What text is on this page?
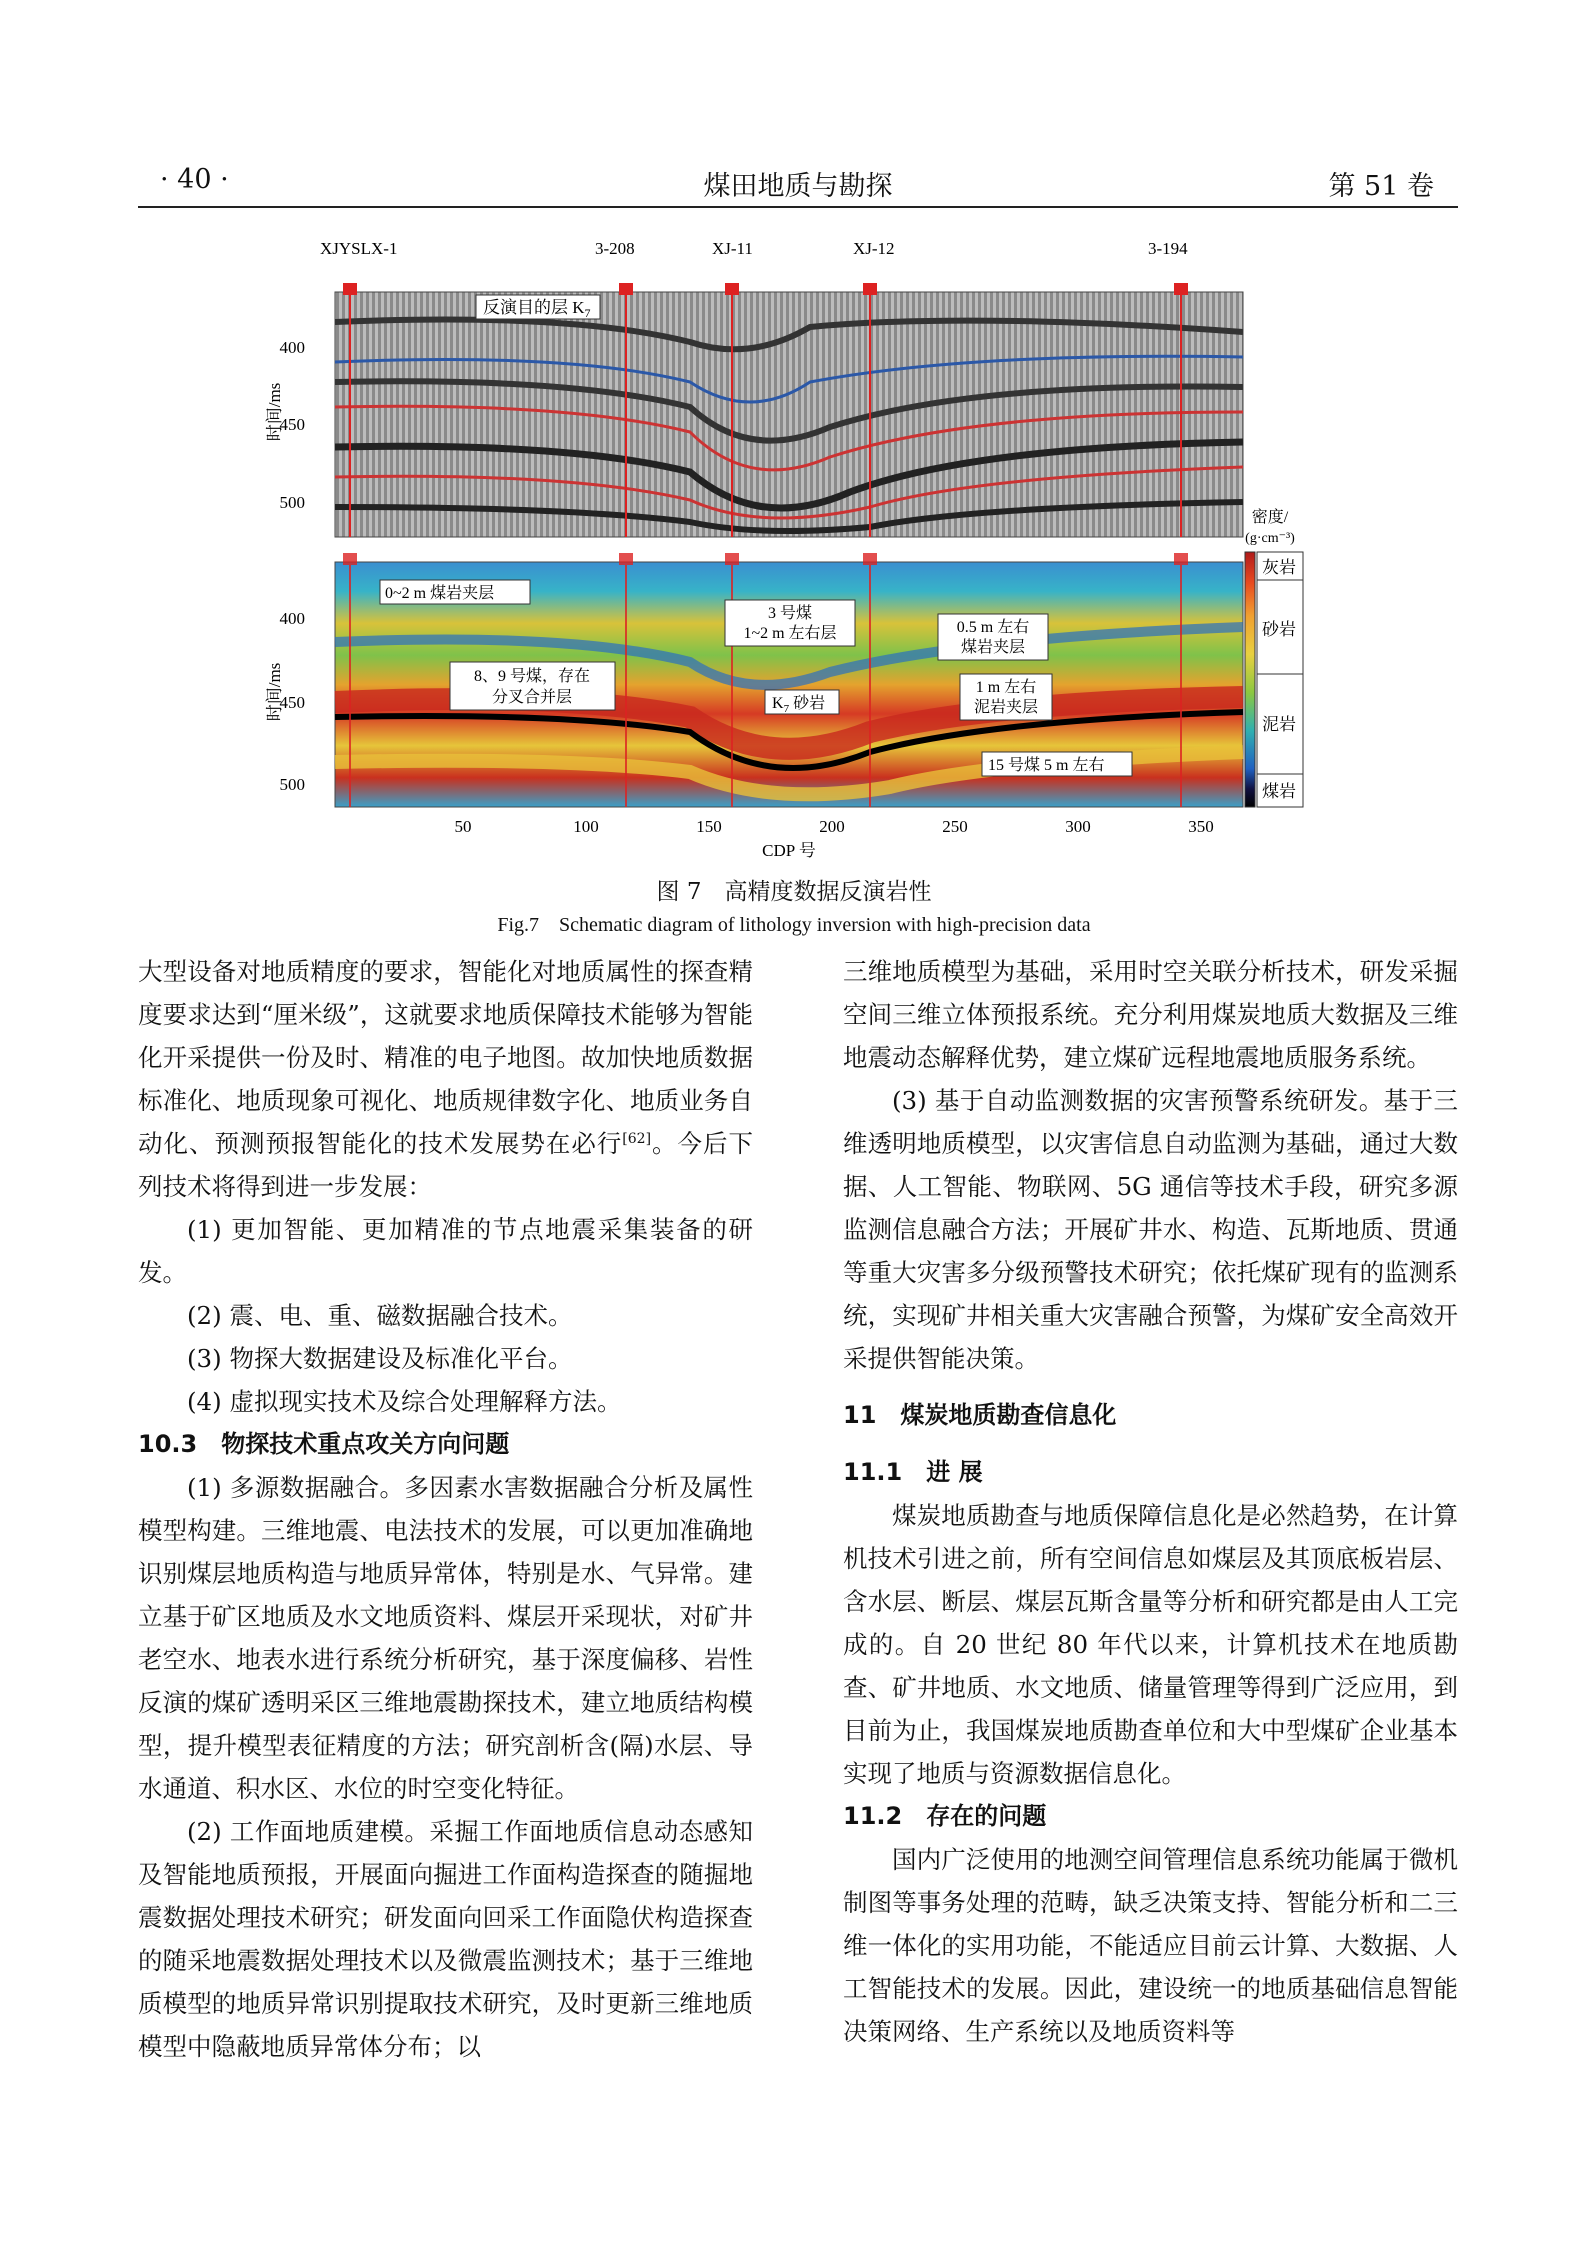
· 40 ·	煤田地质与勘探	第 51 卷
XJYSLX-1	3-208	XJ-11	XJ-12	3-194
反演目的层 $K_7$
400
450
500
时间/ms
密度/
(g·cm⁻³)
灰岩
砂岩
泥岩
煤岩
0~2 m 煤岩夹层
3 号煤
1~2 m 左右层	0.5 m 左右
煤岩夹层
8、9 号煤，存在
分叉合并层	$K_7$ 砂岩
1 m 左右
泥岩夹层
15 号煤 5 m 左右
400
450
500
时间/ms
50	100	150	200	250	300	350
CDP 号
图 7　高精度数据反演岩性
Fig.7　Schematic diagram of lithology inversion with high-precision data

大型设备对地质精度的要求，智能化对地质属性的探查精度要求达到“厘米级”，这就要求地质保障技术能够为智能化开采提供一份及时、精准的电子地图。故加快地质数据标准化、地质现象可视化、地质规律数字化、地质业务自动化、预测预报智能化的技术发展势在必行[62]。今后下列技术将得到进一步发展：

(1) 更加智能、更加精准的节点地震采集装备的研发。

(2) 震、电、重、磁数据融合技术。

(3) 物探大数据建设及标准化平台。

(4) 虚拟现实技术及综合处理解释方法。

10.3　物探技术重点攻关方向问题

(1) 多源数据融合。多因素水害数据融合分析及属性模型构建。三维地震、电法技术的发展，可以更加准确地识别煤层地质构造与地质异常体，特别是水、气异常。建立基于矿区地质及水文地质资料、煤层开采现状，对矿井老空水、地表水进行系统分析研究，基于深度偏移、岩性反演的煤矿透明采区三维地震勘探技术，建立地质结构模型，提升模型表征精度的方法；研究剖析含(隔)水层、导水通道、积水区、水位的时空变化特征。

(2) 工作面地质建模。采掘工作面地质信息动态感知及智能地质预报，开展面向掘进工作面构造探查的随掘地震数据处理技术研究；研发面向回采工作面隐伏构造探查的随采地震数据处理技术以及微震监测技术；基于三维地质模型的地质异常识别提取技术研究，及时更新三维地质模型中隐蔽地质异常体分布；以

三维地质模型为基础，采用时空关联分析技术，研发采掘空间三维立体预报系统。充分利用煤炭地质大数据及三维地震动态解释优势，建立煤矿远程地震地质服务系统。

(3) 基于自动监测数据的灾害预警系统研发。基于三维透明地质模型，以灾害信息自动监测为基础，通过大数据、人工智能、物联网、5G 通信等技术手段，研究多源监测信息融合方法；开展矿井水、构造、瓦斯地质、贯通等重大灾害多分级预警技术研究；依托煤矿现有的监测系统，实现矿井相关重大灾害融合预警，为煤矿安全高效开采提供智能决策。

11　煤炭地质勘查信息化

11.1　进 展

煤炭地质勘查与地质保障信息化是必然趋势，在计算机技术引进之前，所有空间信息如煤层及其顶底板岩层、含水层、断层、煤层瓦斯含量等分析和研究都是由人工完成的。自 20 世纪 80 年代以来，计算机技术在地质勘查、矿井地质、水文地质、储量管理等得到广泛应用，到目前为止，我国煤炭地质勘查单位和大中型煤矿企业基本实现了地质与资源数据信息化。

11.2　存在的问题

国内广泛使用的地测空间管理信息系统功能属于微机制图等事务处理的范畴，缺乏决策支持、智能分析和二三维一体化的实用功能，不能适应目前云计算、大数据、人工智能技术的发展。因此，建设统一的地质基础信息智能决策网络、生产系统以及地质资料等
